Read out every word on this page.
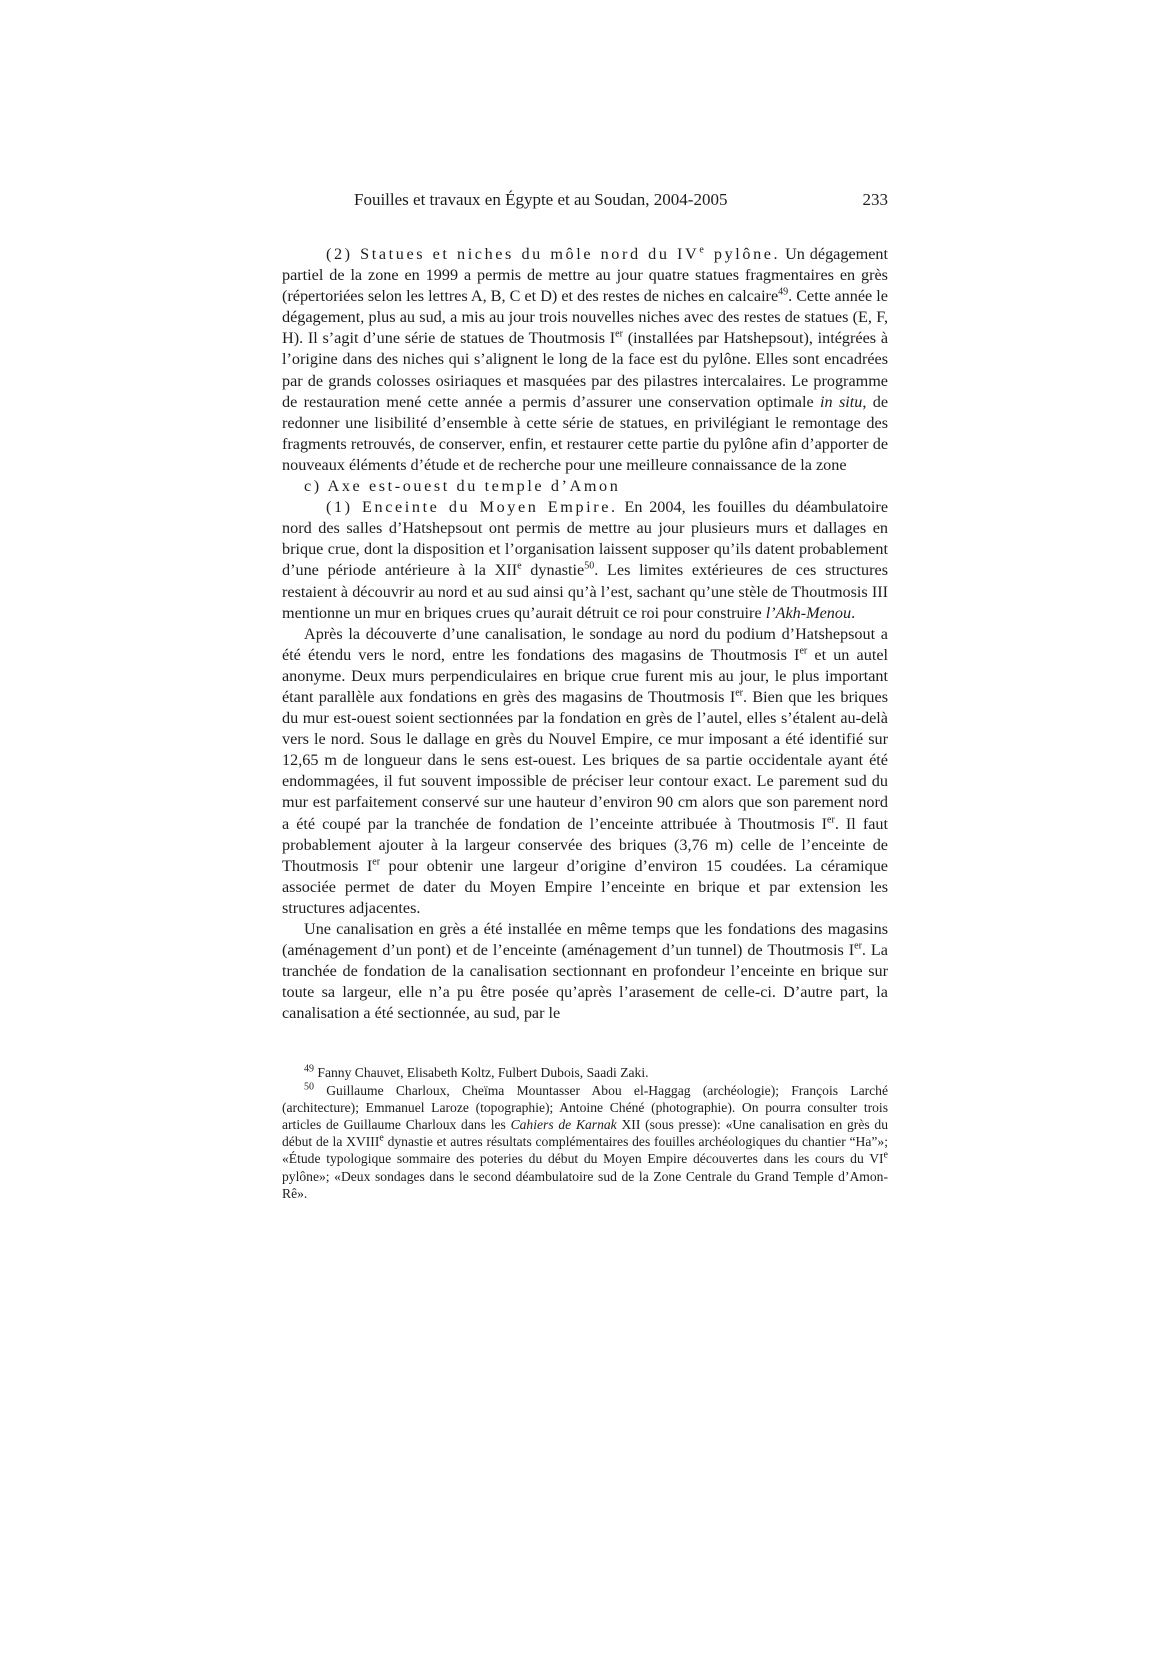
Fouilles et travaux en Égypte et au Soudan, 2004-2005	233

(2) Statues et niches du môle nord du IVe pylône. Un dégagement partiel de la zone en 1999 a permis de mettre au jour quatre statues fragmentaires en grès (répertoriées selon les lettres A, B, C et D) et des restes de niches en calcaire$^{49}$. Cette année le dégagement, plus au sud, a mis au jour trois nouvelles niches avec des restes de statues (E, F, H). Il s’agit d’une série de statues de Thoutmosis Ier (installées par Hatshepsout), intégrées à l’origine dans des niches qui s’alignent le long de la face est du pylône. Elles sont encadrées par de grands colosses osiriaques et masquées par des pilastres intercalaires. Le programme de restauration mené cette année a permis d’assurer une conservation optimale in situ, de redonner une lisibilité d’ensemble à cette série de statues, en privilégiant le remontage des fragments retrouvés, de conserver, enfin, et restaurer cette partie du pylône afin d’apporter de nouveaux éléments d’étude et de recherche pour une meilleure connaissance de la zone

c) Axe est-ouest du temple d’Amon

(1) Enceinte du Moyen Empire. En 2004, les fouilles du déambulatoire nord des salles d’Hatshepsout ont permis de mettre au jour plusieurs murs et dallages en brique crue, dont la disposition et l’organisation laissent supposer qu’ils datent probablement d’une période antérieure à la XIIe dynastie$^{50}$. Les limites extérieures de ces structures restaient à découvrir au nord et au sud ainsi qu’à l’est, sachant qu’une stèle de Thoutmosis III mentionne un mur en briques crues qu’aurait détruit ce roi pour construire l’Akh-Menou.

Après la découverte d’une canalisation, le sondage au nord du podium d’Hatshepsout a été étendu vers le nord, entre les fondations des magasins de Thoutmosis Ier et un autel anonyme. Deux murs perpendiculaires en brique crue furent mis au jour, le plus important étant parallèle aux fondations en grès des magasins de Thoutmosis Ier. Bien que les briques du mur est-ouest soient sectionnées par la fondation en grès de l’autel, elles s’étalent au-delà vers le nord. Sous le dallage en grès du Nouvel Empire, ce mur imposant a été identifié sur 12,65 m de longueur dans le sens est-ouest. Les briques de sa partie occidentale ayant été endommagées, il fut souvent impossible de préciser leur contour exact. Le parement sud du mur est parfaitement conservé sur une hauteur d’environ 90 cm alors que son parement nord a été coupé par la tranchée de fondation de l’enceinte attribuée à Thoutmosis Ier. Il faut probablement ajouter à la largeur conservée des briques (3,76 m) celle de l’enceinte de Thoutmosis Ier pour obtenir une largeur d’origine d’environ 15 coudées. La céramique associée permet de dater du Moyen Empire l’enceinte en brique et par extension les structures adjacentes.

Une canalisation en grès a été installée en même temps que les fondations des magasins (aménagement d’un pont) et de l’enceinte (aménagement d’un tunnel) de Thoutmosis Ier. La tranchée de fondation de la canalisation sectionnant en profondeur l’enceinte en brique sur toute sa largeur, elle n’a pu être posée qu’après l’arasement de celle-ci. D’autre part, la canalisation a été sectionnée, au sud, par le

$^{49}$ Fanny Chauvet, Elisabeth Koltz, Fulbert Dubois, Saadi Zaki.

$^{50}$ Guillaume Charloux, Cheïma Mountasser Abou el-Haggag (archéologie); François Larché (architecture); Emmanuel Laroze (topographie); Antoine Chéné (photographie). On pourra consulter trois articles de Guillaume Charloux dans les Cahiers de Karnak XII (sous presse): «Une canalisation en grès du début de la XVIIIe dynastie et autres résultats complémentaires des fouilles archéologiques du chantier “Ha”»; «Étude typologique sommaire des poteries du début du Moyen Empire découvertes dans les cours du VIe pylône»; «Deux sondages dans le second déambulatoire sud de la Zone Centrale du Grand Temple d’Amon-Rê».
